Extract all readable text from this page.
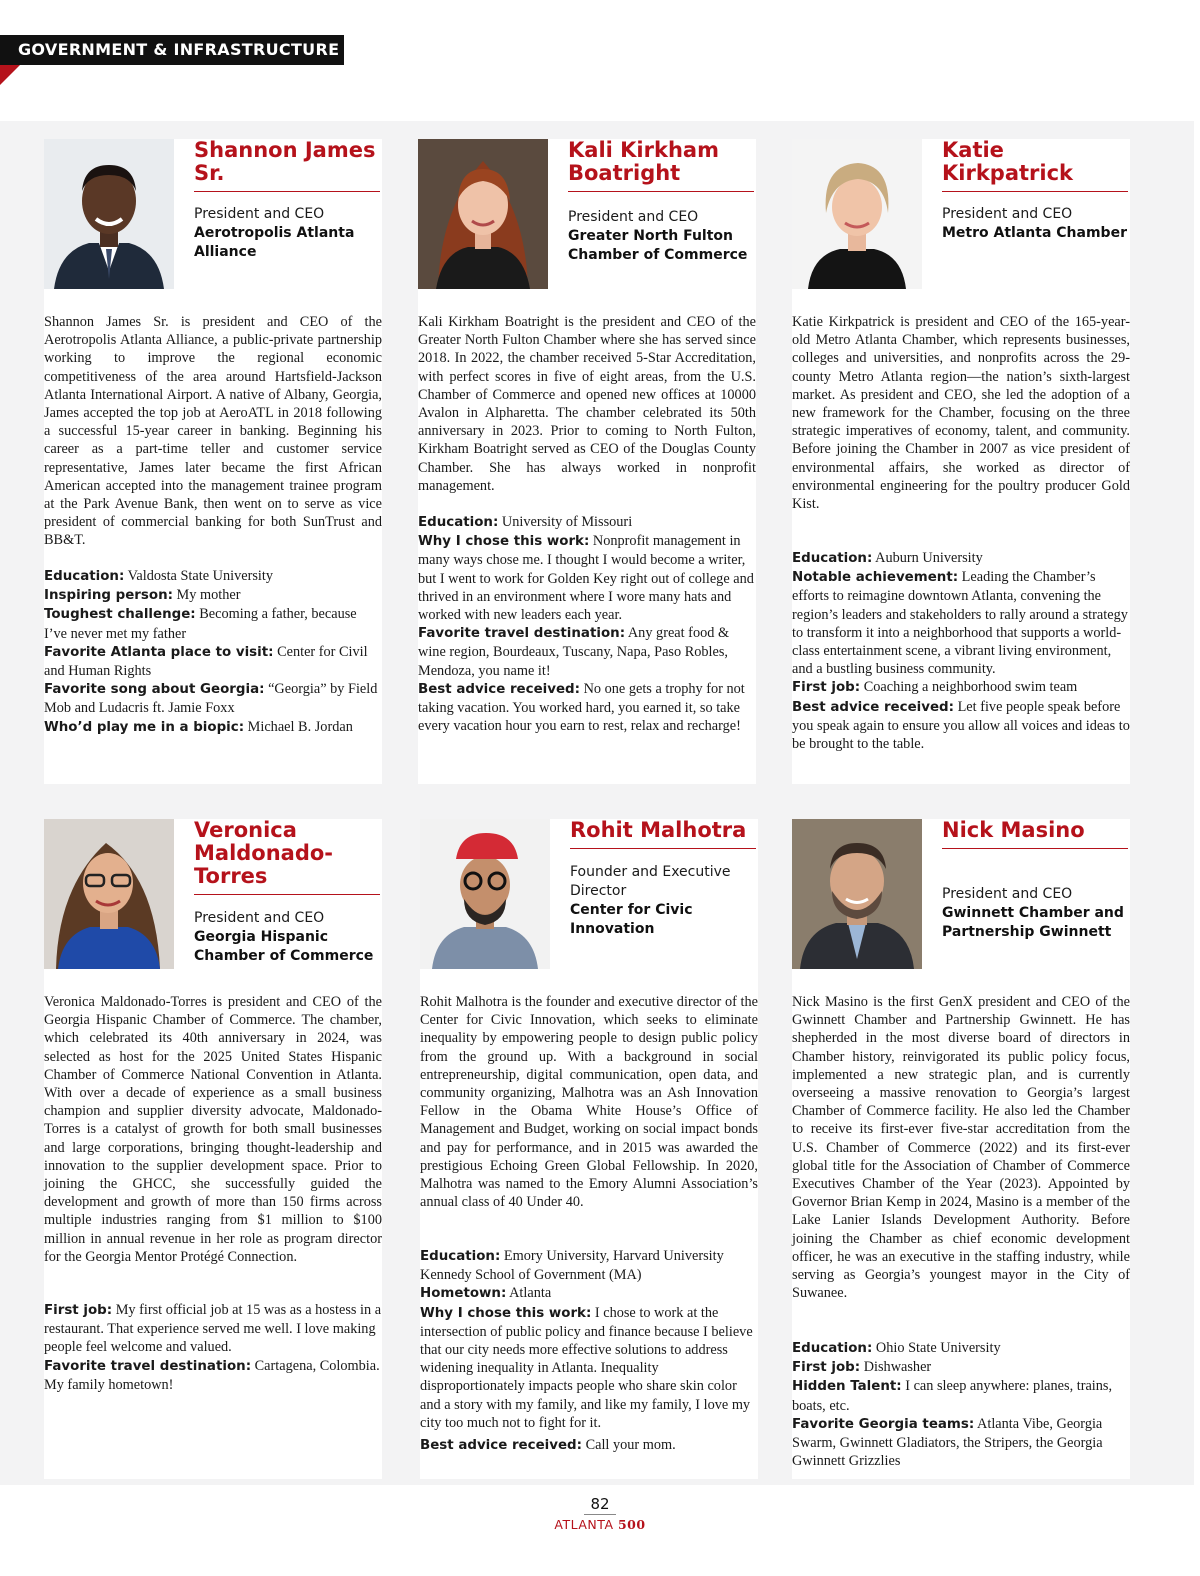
GOVERNMENT & INFRASTRUCTURE
Shannon James Sr.
President and CEO
Aerotropolis Atlanta Alliance
Shannon James Sr. is president and CEO of the Aerotropolis Atlanta Alliance, a public-private partnership working to improve the regional economic competitiveness of the area around Hartsfield-Jackson Atlanta International Airport. A native of Albany, Georgia, James accepted the top job at AeroATL in 2018 following a successful 15-year career in banking. Beginning his career as a part-time teller and customer service representative, James later became the first African American accepted into the management trainee program at the Park Avenue Bank, then went on to serve as vice president of commercial banking for both SunTrust and BB&T.
Education: Valdosta State University
Inspiring person: My mother
Toughest challenge: Becoming a father, because I’ve never met my father
Favorite Atlanta place to visit: Center for Civil and Human Rights
Favorite song about Georgia: “Georgia” by Field Mob and Ludacris ft. Jamie Foxx
Who’d play me in a biopic: Michael B. Jordan
Kali Kirkham Boatright
President and CEO
Greater North Fulton Chamber of Commerce
Kali Kirkham Boatright is the president and CEO of the Greater North Fulton Chamber where she has served since 2018. In 2022, the chamber received 5-Star Accreditation, with perfect scores in five of eight areas, from the U.S. Chamber of Commerce and opened new offices at 10000 Avalon in Alpharetta. The chamber celebrated its 50th anniversary in 2023. Prior to coming to North Fulton, Kirkham Boatright served as CEO of the Douglas County Chamber. She has always worked in nonprofit management.
Education: University of Missouri
Why I chose this work: Nonprofit management in many ways chose me. I thought I would become a writer, but I went to work for Golden Key right out of college and thrived in an environment where I wore many hats and worked with new leaders each year.
Favorite travel destination: Any great food & wine region, Bourdeaux, Tuscany, Napa, Paso Robles, Mendoza, you name it!
Best advice received: No one gets a trophy for not taking vacation. You worked hard, you earned it, so take every vacation hour you earn to rest, relax and recharge!
Katie Kirkpatrick
President and CEO
Metro Atlanta Chamber
Katie Kirkpatrick is president and CEO of the 165-year-old Metro Atlanta Chamber, which represents businesses, colleges and universities, and nonprofits across the 29-county Metro Atlanta region—the nation’s sixth-largest market. As president and CEO, she led the adoption of a new framework for the Chamber, focusing on the three strategic imperatives of economy, talent, and community. Before joining the Chamber in 2007 as vice president of environmental affairs, she worked as director of environmental engineering for the poultry producer Gold Kist.
Education: Auburn University
Notable achievement: Leading the Chamber’s efforts to reimagine downtown Atlanta, convening the region’s leaders and stakeholders to rally around a strategy to transform it into a neighborhood that supports a world-class entertainment scene, a vibrant living environment, and a bustling business community.
First job: Coaching a neighborhood swim team
Best advice received: Let five people speak before you speak again to ensure you allow all voices and ideas to be brought to the table.
Veronica Maldonado-Torres
President and CEO
Georgia Hispanic Chamber of Commerce
Veronica Maldonado-Torres is president and CEO of the Georgia Hispanic Chamber of Commerce. The chamber, which celebrated its 40th anniversary in 2024, was selected as host for the 2025 United States Hispanic Chamber of Commerce National Convention in Atlanta. With over a decade of experience as a small business champion and supplier diversity advocate, Maldonado-Torres is a catalyst of growth for both small businesses and large corporations, bringing thought-leadership and innovation to the supplier development space. Prior to joining the GHCC, she successfully guided the development and growth of more than 150 firms across multiple industries ranging from $1 million to $100 million in annual revenue in her role as program director for the Georgia Mentor Protégé Connection.
First job: My first official job at 15 was as a hostess in a restaurant. That experience served me well. I love making people feel welcome and valued.
Favorite travel destination: Cartagena, Colombia. My family hometown!
Rohit Malhotra
Founder and Executive Director
Center for Civic Innovation
Rohit Malhotra is the founder and executive director of the Center for Civic Innovation, which seeks to eliminate inequality by empowering people to design public policy from the ground up. With a background in social entrepreneurship, digital communication, open data, and community organizing, Malhotra was an Ash Innovation Fellow in the Obama White House’s Office of Management and Budget, working on social impact bonds and pay for performance, and in 2015 was awarded the prestigious Echoing Green Global Fellowship. In 2020, Malhotra was named to the Emory Alumni Association’s annual class of 40 Under 40.
Education: Emory University, Harvard University Kennedy School of Government (MA)
Hometown: Atlanta
Why I chose this work: I chose to work at the intersection of public policy and finance because I believe that our city needs more effective solutions to address widening inequality in Atlanta. Inequality disproportionately impacts people who share skin color and a story with my family, and like my family, I love my city too much not to fight for it.
Best advice received: Call your mom.
Nick Masino
President and CEO
Gwinnett Chamber and Partnership Gwinnett
Nick Masino is the first GenX president and CEO of the Gwinnett Chamber and Partnership Gwinnett. He has shepherded in the most diverse board of directors in Chamber history, reinvigorated its public policy focus, implemented a new strategic plan, and is currently overseeing a massive renovation to Georgia’s largest Chamber of Commerce facility. He also led the Chamber to receive its first-ever five-star accreditation from the U.S. Chamber of Commerce (2022) and its first-ever global title for the Association of Chamber of Commerce Executives Chamber of the Year (2023). Appointed by Governor Brian Kemp in 2024, Masino is a member of the Lake Lanier Islands Development Authority. Before joining the Chamber as chief economic development officer, he was an executive in the staffing industry, while serving as Georgia’s youngest mayor in the City of Suwanee.
Education: Ohio State University
First job: Dishwasher
Hidden Talent: I can sleep anywhere: planes, trains, boats, etc.
Favorite Georgia teams: Atlanta Vibe, Georgia Swarm, Gwinnett Gladiators, the Stripers, the Georgia Gwinnett Grizzlies
82
ATLANTA 500
